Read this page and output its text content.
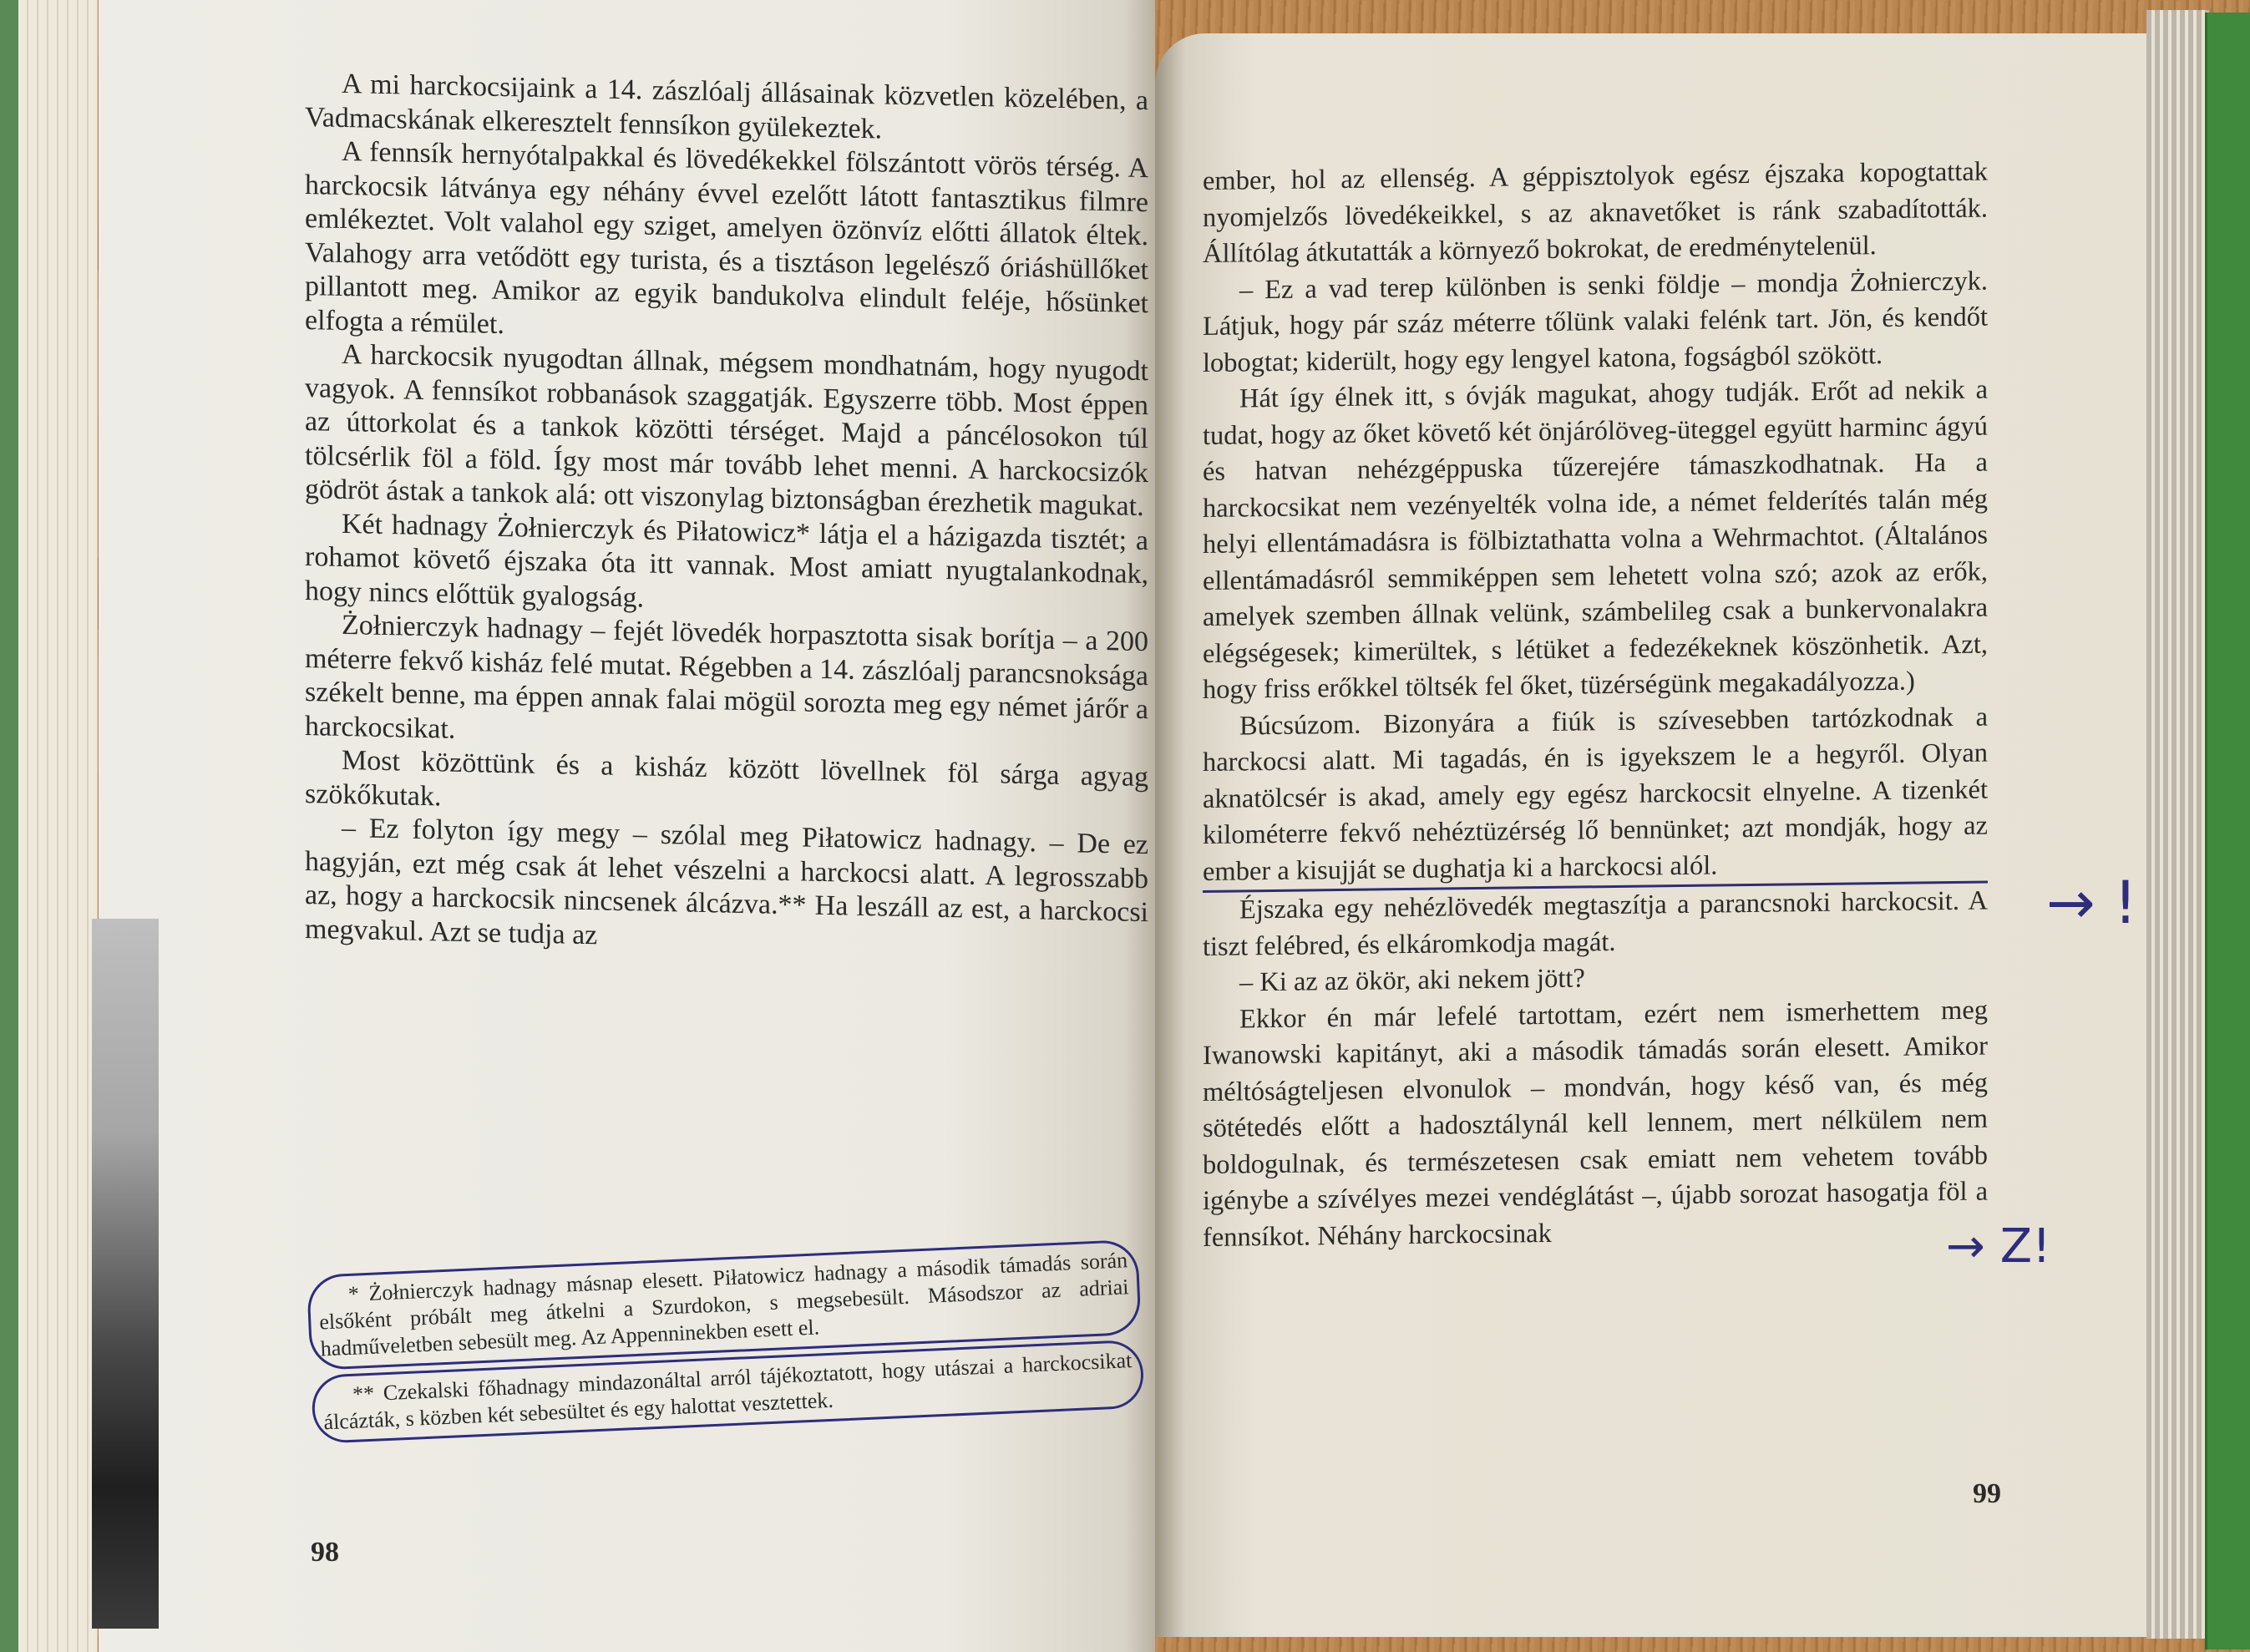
A mi harckocsijaink a 14. zászlóalj állásainak közvetlen közelében, a Vadmacskának elkeresztelt fennsíkon gyülekeztek.

A fennsík hernyótalpakkal és lövedékekkel fölszántott vörös térség. A harckocsik látványa egy néhány évvel ezelőtt látott fantasztikus filmre emlékeztet. Volt valahol egy sziget, amelyen özönvíz előtti állatok éltek. Valahogy arra vetődött egy turista, és a tisztáson legelésző óriáshüllőket pillantott meg. Amikor az egyik bandukolva elindult feléje, hősünket elfogta a rémület.

A harckocsik nyugodtan állnak, mégsem mondhatnám, hogy nyugodt vagyok. A fennsíkot robbanások szaggatják. Egyszerre több. Most éppen az úttorkolat és a tankok közötti térséget. Majd a páncélosokon túl tölcsérlik föl a föld. Így most már tovább lehet menni. A harckocsizók gödröt ástak a tankok alá: ott viszonylag biztonságban érezhetik magukat.

Két hadnagy Żołnierczyk és Piłatowicz* látja el a házigazda tisztét; a rohamot követő éjszaka óta itt vannak. Most amiatt nyugtalankodnak, hogy nincs előttük gyalogság.

Żołnierczyk hadnagy – fejét lövedék horpasztotta sisak borítja – a 200 méterre fekvő kisház felé mutat. Régebben a 14. zászlóalj parancsnoksága székelt benne, ma éppen annak falai mögül sorozta meg egy német járőr a harckocsikat.

Most közöttünk és a kisház között lövellnek föl sárga agyag szökőkutak.

– Ez folyton így megy – szólal meg Piłatowicz hadnagy. – De ez hagyján, ezt még csak át lehet vészelni a harckocsi alatt. A legrosszabb az, hogy a harckocsik nincsenek álcázva.** Ha leszáll az est, a harckocsi megvakul. Azt se tudja az

* Żołnierczyk hadnagy másnap elesett. Piłatowicz hadnagy a második támadás során elsőként próbált meg átkelni a Szurdokon, s megsebesült. Másodszor az adriai hadműveletben sebesült meg. Az Appenninekben esett el.

** Czekalski főhadnagy mindazonáltal arról tájékoztatott, hogy utászai a harckocsikat álcázták, s közben két sebesültet és egy halottat vesztettek.

98

ember, hol az ellenség. A géppisztolyok egész éjszaka kopogtattak nyomjelzős lövedékeikkel, s az aknavetőket is ránk szabadították. Állítólag átkutatták a környező bokrokat, de eredménytelenül.

– Ez a vad terep különben is senki földje – mondja Żołnierczyk. Látjuk, hogy pár száz méterre tőlünk valaki felénk tart. Jön, és kendőt lobogtat; kiderült, hogy egy lengyel katona, fogságból szökött.

Hát így élnek itt, s óvják magukat, ahogy tudják. Erőt ad nekik a tudat, hogy az őket követő két önjárólöveg-üteggel együtt harminc ágyú és hatvan nehézgéppuska tűzerejére támaszkodhatnak. Ha a harckocsikat nem vezényelték volna ide, a német felderítés talán még helyi ellentámadásra is fölbiztathatta volna a Wehrmachtot. (Általános ellentámadásról semmiképpen sem lehetett volna szó; azok az erők, amelyek szemben állnak velünk, számbelileg csak a bunkervonalakra elégségesek; kimerültek, s létüket a fedezékeknek köszönhetik. Azt, hogy friss erőkkel töltsék fel őket, tüzérségünk megakadályozza.)

Búcsúzom. Bizonyára a fiúk is szívesebben tartózkodnak a harckocsi alatt. Mi tagadás, én is igyekszem le a hegyről. Olyan aknatölcsér is akad, amely egy egész harckocsit elnyelne. A tizenkét kilométerre fekvő nehéztüzérség lő bennünket; azt mondják, hogy az ember a kisujját se dughatja ki a harckocsi alól.

Éjszaka egy nehézlövedék megtaszítja a parancsnoki harckocsit. A tiszt felébred, és elkáromkodja magát.

– Ki az az ökör, aki nekem jött?

Ekkor én már lefelé tartottam, ezért nem ismerhettem meg Iwanowski kapitányt, aki a második támadás során elesett. Amikor méltóságteljesen elvonulok – mondván, hogy késő van, és még sötétedés előtt a hadosztálynál kell lennem, mert nélkülem nem boldogulnak, és természetesen csak emiatt nem vehetem tovább igénybe a szívélyes mezei vendéglátást –, újabb sorozat hasogatja föl a fennsíkot. Néhány harckocsinak

99
→ !
→ Z!
